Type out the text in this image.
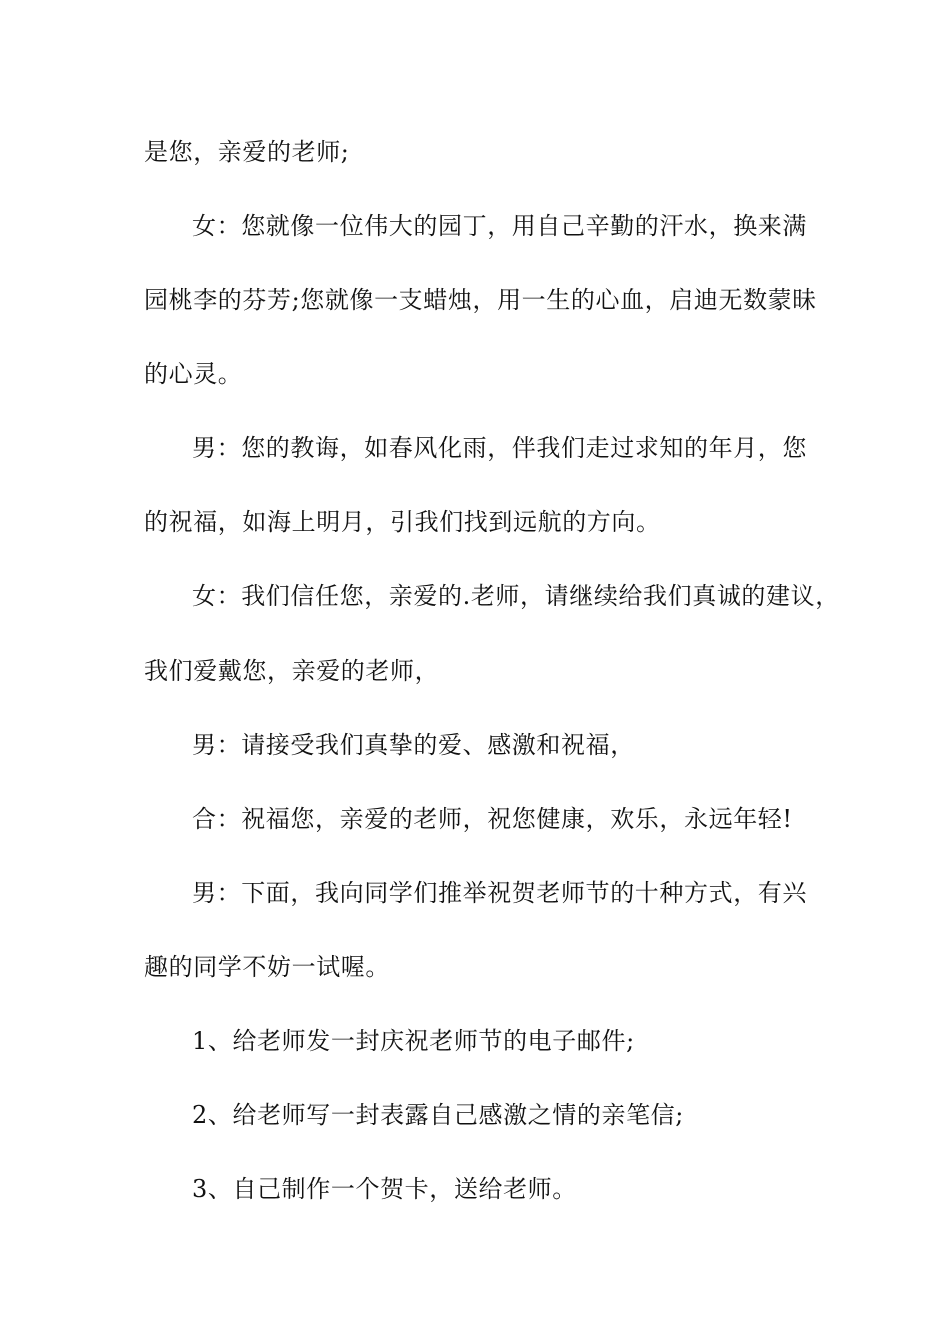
是您，亲爱的老师;
女：您就像一位伟大的园丁，用自己辛勤的汗水，换来满
园桃李的芬芳;您就像一支蜡烛，用一生的心血，启迪无数蒙昧
的心灵。
男：您的教诲，如春风化雨，伴我们走过求知的年月，您
的祝福，如海上明月，引我们找到远航的方向。
女：我们信任您，亲爱的.老师，请继续给我们真诚的建议，
我们爱戴您，亲爱的老师，
男：请接受我们真挚的爱、感激和祝福，
合：祝福您，亲爱的老师，祝您健康，欢乐，永远年轻!
男：下面，我向同学们推举祝贺老师节的十种方式，有兴
趣的同学不妨一试喔。
1、给老师发一封庆祝老师节的电子邮件;
2、给老师写一封表露自己感激之情的亲笔信;
3、自己制作一个贺卡，送给老师。
